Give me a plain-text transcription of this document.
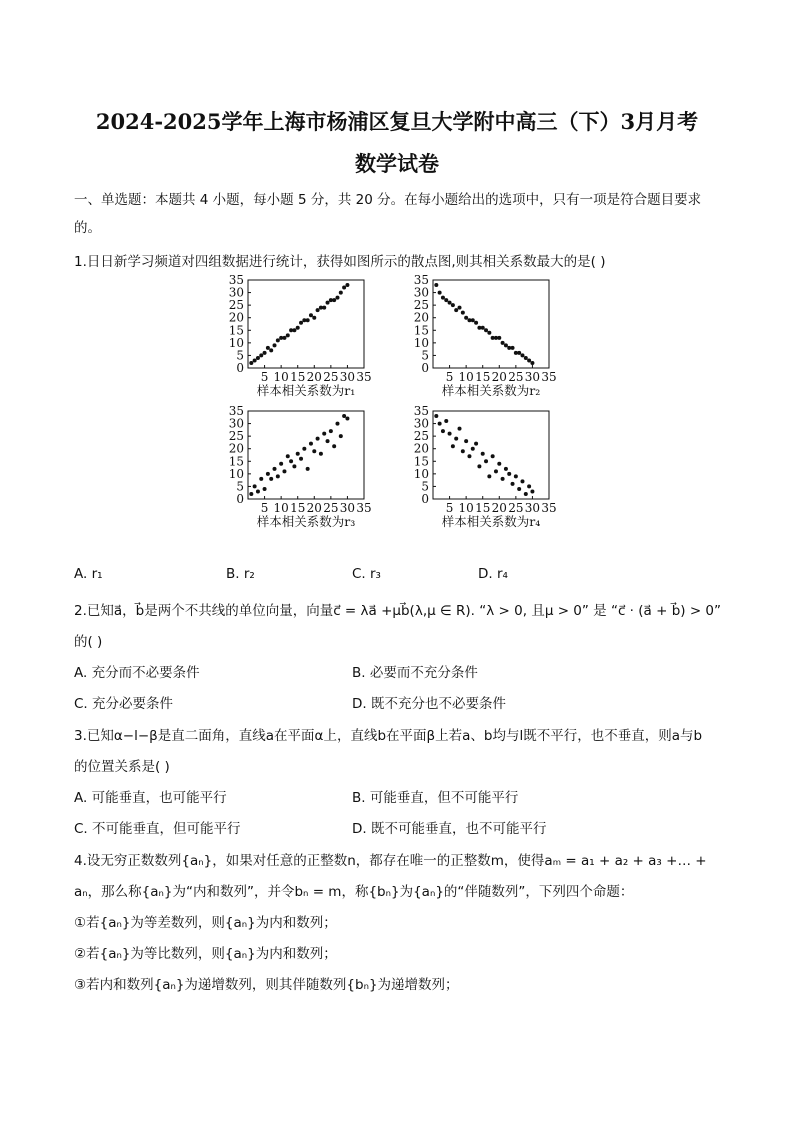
2024-2025学年上海市杨浦区复旦大学附中高三（下）3月月考
数学试卷
一、单选题：本题共 4 小题，每小题 5 分，共 20 分。在每小题给出的选项中，只有一项是符合题目要求
的。
1.日日新学习频道对四组数据进行统计，获得如图所示的散点图,则其相关系数最大的是( )
0
5
10
15
20
25
30
35
5 10 15 20 25 30 35
样本相关系数为r₁
0
5
10
15
20
25
30
35
5 10 15 20 25 30 35
样本相关系数为r₂
0
5
10
15
20
25
30
35
5 10 15 20 25 30 35
样本相关系数为r₃
0
5
10
15
20
25
30
35
5 10 15 20 25 30 35
样本相关系数为r₄
A. r₁	B. r₂	C. r₃	D. r₄
2.已知a⃗，b⃗是两个不共线的单位向量，向量c⃗ = λa⃗ +μb⃗(λ,μ ∈ R). “λ > 0, 且μ > 0” 是 “c⃗ · (a⃗ + b⃗) > 0”
的( )
A. 充分而不必要条件	B. 必要而不充分条件
C. 充分必要条件	D. 既不充分也不必要条件
3.已知α−l−β是直二面角，直线a在平面α上，直线b在平面β上若a、b均与l既不平行，也不垂直，则a与b
的位置关系是( )
A. 可能垂直，也可能平行	B. 可能垂直，但不可能平行
C. 不可能垂直，但可能平行	D. 既不可能垂直，也不可能平行
4.设无穷正数数列{aₙ}，如果对任意的正整数n，都存在唯一的正整数m，使得aₘ = a₁ + a₂ + a₃ +… +
aₙ，那么称{aₙ}为“内和数列”，并令bₙ = m，称{bₙ}为{aₙ}的“伴随数列”，下列四个命题：
①若{aₙ}为等差数列，则{aₙ}为内和数列；
②若{aₙ}为等比数列，则{aₙ}为内和数列；
③若内和数列{aₙ}为递增数列，则其伴随数列{bₙ}为递增数列；
